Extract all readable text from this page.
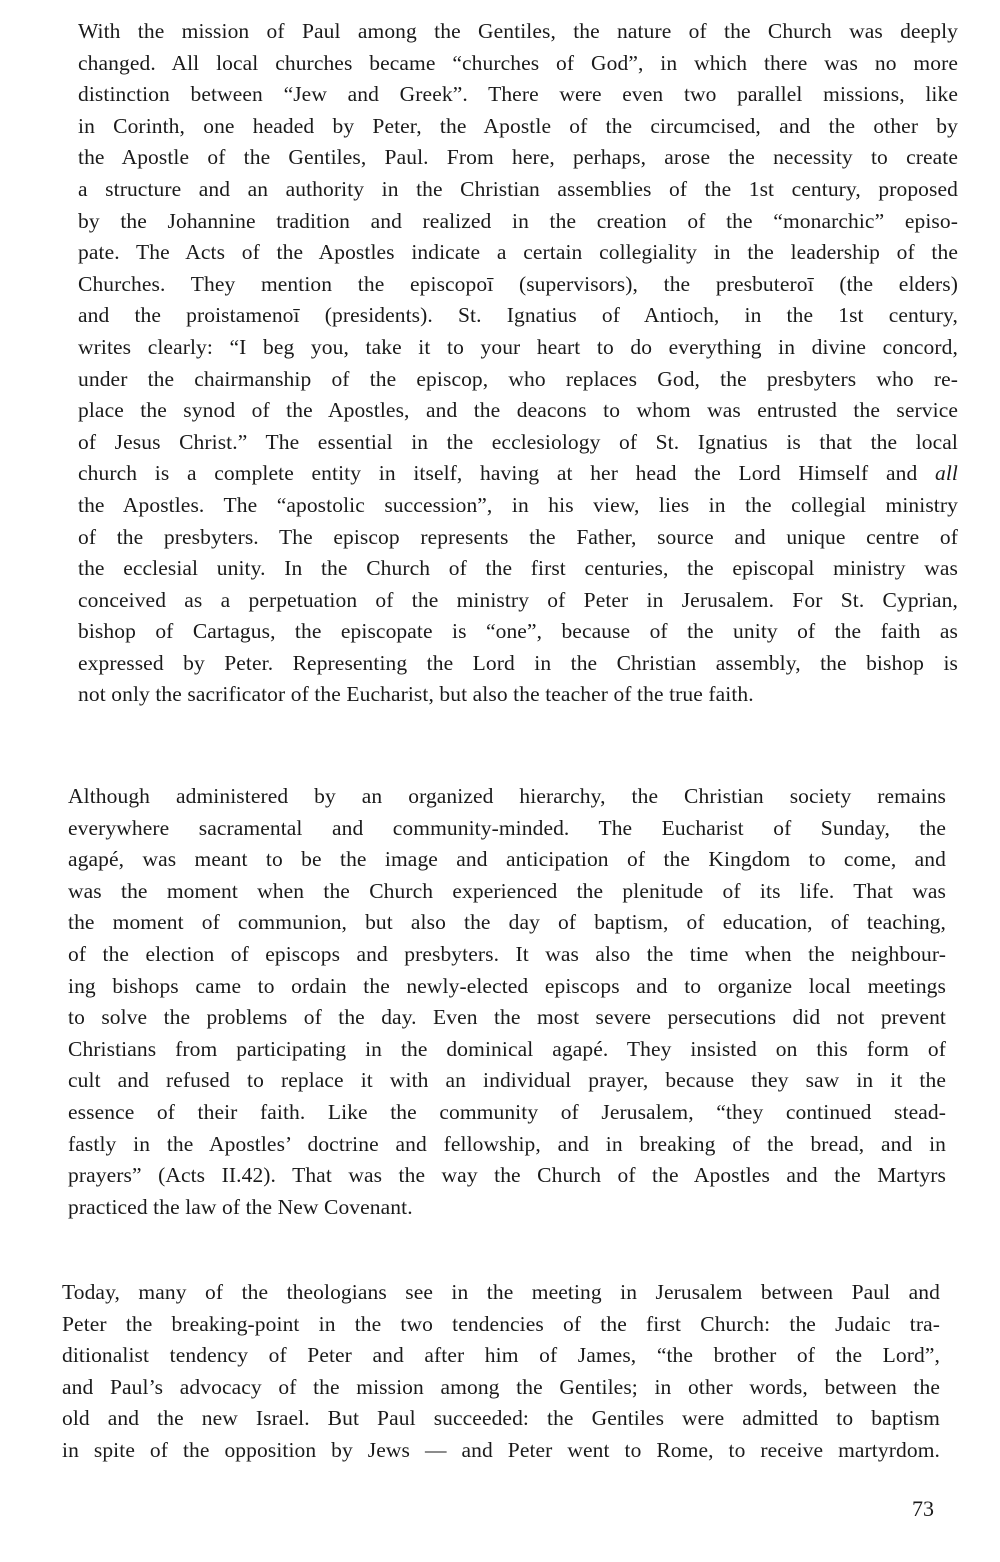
With the mission of Paul among the Gentiles, the nature of the Church was deeply
changed. All local churches became “churches of God”, in which there was no more
distinction between “Jew and Greek”. There were even two parallel missions, like
in Corinth, one headed by Peter, the Apostle of the circumcised, and the other by
the Apostle of the Gentiles, Paul. From here, perhaps, arose the necessity to create
a structure and an authority in the Christian assemblies of the 1st century, proposed
by the Johannine tradition and realized in the creation of the “monarchic” episo-
pate. The Acts of the Apostles indicate a certain collegiality in the leadership of the
Churches. They mention the episcopoī (supervisors), the presbuteroī (the elders)
and the proistamenoī (presidents). St. Ignatius of Antioch, in the 1st century,
writes clearly: “I beg you, take it to your heart to do everything in divine concord,
under the chairmanship of the episcop, who replaces God, the presbyters who re-
place the synod of the Apostles, and the deacons to whom was entrusted the service
of Jesus Christ.” The essential in the ecclesiology of St. Ignatius is that the local
church is a complete entity in itself, having at her head the Lord Himself and all
the Apostles. The “apostolic succession”, in his view, lies in the collegial ministry
of the presbyters. The episcop represents the Father, source and unique centre of
the ecclesial unity. In the Church of the first centuries, the episcopal ministry was
conceived as a perpetuation of the ministry of Peter in Jerusalem. For St. Cyprian,
bishop of Cartagus, the episcopate is “one”, because of the unity of the faith as
expressed by Peter. Representing the Lord in the Christian assembly, the bishop is
not only the sacrificator of the Eucharist, but also the teacher of the true faith.
Although administered by an organized hierarchy, the Christian society remains
everywhere sacramental and community-minded. The Eucharist of Sunday, the
agapé, was meant to be the image and anticipation of the Kingdom to come, and
was the moment when the Church experienced the plenitude of its life. That was
the moment of communion, but also the day of baptism, of education, of teaching,
of the election of episcops and presbyters. It was also the time when the neighbour-
ing bishops came to ordain the newly-elected episcops and to organize local meetings
to solve the problems of the day. Even the most severe persecutions did not prevent
Christians from participating in the dominical agapé. They insisted on this form of
cult and refused to replace it with an individual prayer, because they saw in it the
essence of their faith. Like the community of Jerusalem, “they continued stead-
fastly in the Apostles’ doctrine and fellowship, and in breaking of the bread, and in
prayers” (Acts II.42). That was the way the Church of the Apostles and the Martyrs
practiced the law of the New Covenant.
Today, many of the theologians see in the meeting in Jerusalem between Paul and
Peter the breaking-point in the two tendencies of the first Church: the Judaic tra-
ditionalist tendency of Peter and after him of James, “the brother of the Lord”,
and Paul’s advocacy of the mission among the Gentiles; in other words, between the
old and the new Israel. But Paul succeeded: the Gentiles were admitted to baptism
in spite of the opposition by Jews — and Peter went to Rome, to receive martyrdom.
73
